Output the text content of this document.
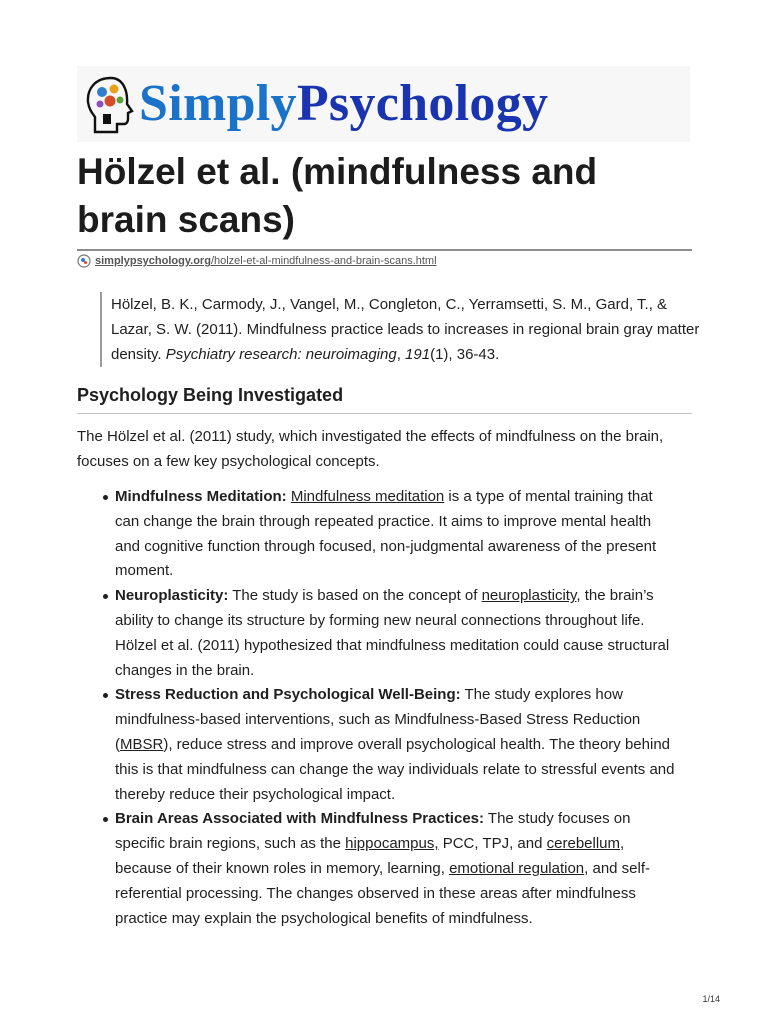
SimplyPsychology
Hölzel et al. (mindfulness and brain scans)
simplypsychology.org /holzel-et-al-mindfulness-and-brain-scans.html
Hölzel, B. K., Carmody, J., Vangel, M., Congleton, C., Yerramsetti, S. M., Gard, T., & Lazar, S. W. (2011). Mindfulness practice leads to increases in regional brain gray matter density. Psychiatry research: neuroimaging, 191(1), 36-43.
Psychology Being Investigated

The Hölzel et al. (2011) study, which investigated the effects of mindfulness on the brain, focuses on a few key psychological concepts.

Mindfulness Meditation: Mindfulness meditation is a type of mental training that can change the brain through repeated practice. It aims to improve mental health and cognitive function through focused, non-judgmental awareness of the present moment.
Neuroplasticity: The study is based on the concept of neuroplasticity, the brain’s ability to change its structure by forming new neural connections throughout life. Hölzel et al. (2011) hypothesized that mindfulness meditation could cause structural changes in the brain.
Stress Reduction and Psychological Well-Being: The study explores how mindfulness-based interventions, such as Mindfulness-Based Stress Reduction (MBSR), reduce stress and improve overall psychological health. The theory behind this is that mindfulness can change the way individuals relate to stressful events and thereby reduce their psychological impact.
Brain Areas Associated with Mindfulness Practices: The study focuses on specific brain regions, such as the hippocampus, PCC, TPJ, and cerebellum, because of their known roles in memory, learning, emotional regulation, and self-referential processing. The changes observed in these areas after mindfulness practice may explain the psychological benefits of mindfulness.
1/14
